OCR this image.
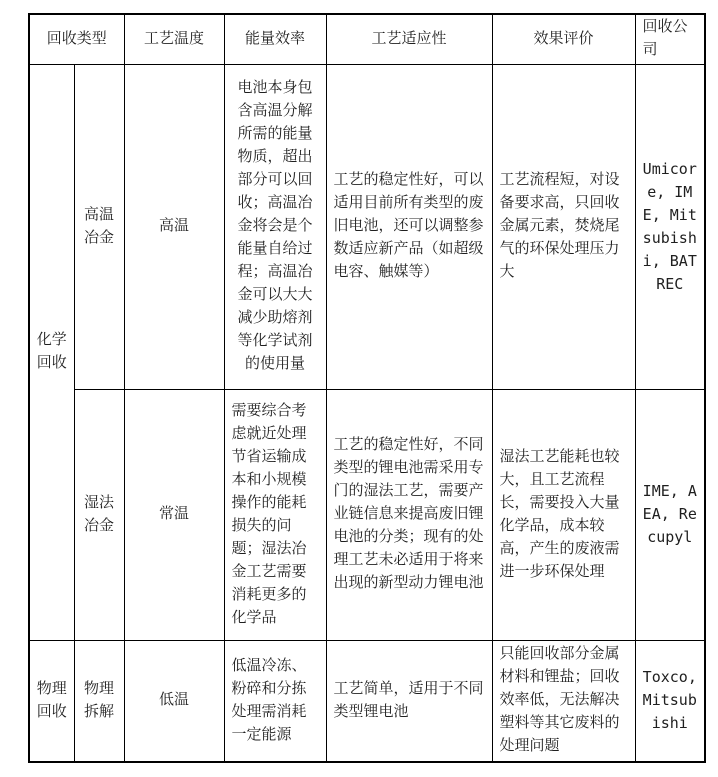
回收类型		工艺温度	能量效率	工艺适应性	效果评价	回收公司
化学回收	高温冶金	高温	电池本身包含高温分解所需的能量物质，超出部分可以回收；高温冶金将会是个能量自给过程；高温冶金可以大大减少助熔剂等化学试剂的使用量	工艺的稳定性好，可以适用目前所有类型的废旧电池，还可以调整参数适应新产品（如超级电容、触媒等）	工艺流程短，对设备要求高，只回收金属元素，焚烧尾气的环保处理压力大	Umicore, IME, Mitsubishi, BATREC
	湿法冶金	常温	需要综合考虑就近处理节省运输成本和小规模操作的能耗损失的问题；湿法冶金工艺需要消耗更多的化学品	工艺的稳定性好，不同类型的锂电池需采用专门的湿法工艺，需要产业链信息来提高废旧锂电池的分类；现有的处理工艺未必适用于将来出现的新型动力锂电池	湿法工艺能耗也较大，且工艺流程长，需要投入大量化学品，成本较高，产生的废液需进一步环保处理	IME, AEA, Recupyl
物理回收	物理拆解	低温	低温冷冻、粉碎和分拣处理需消耗一定能源	工艺简单，适用于不同类型锂电池	只能回收部分金属材料和锂盐；回收效率低，无法解决塑料等其它废料的处理问题	Toxco, Mitsubishi
